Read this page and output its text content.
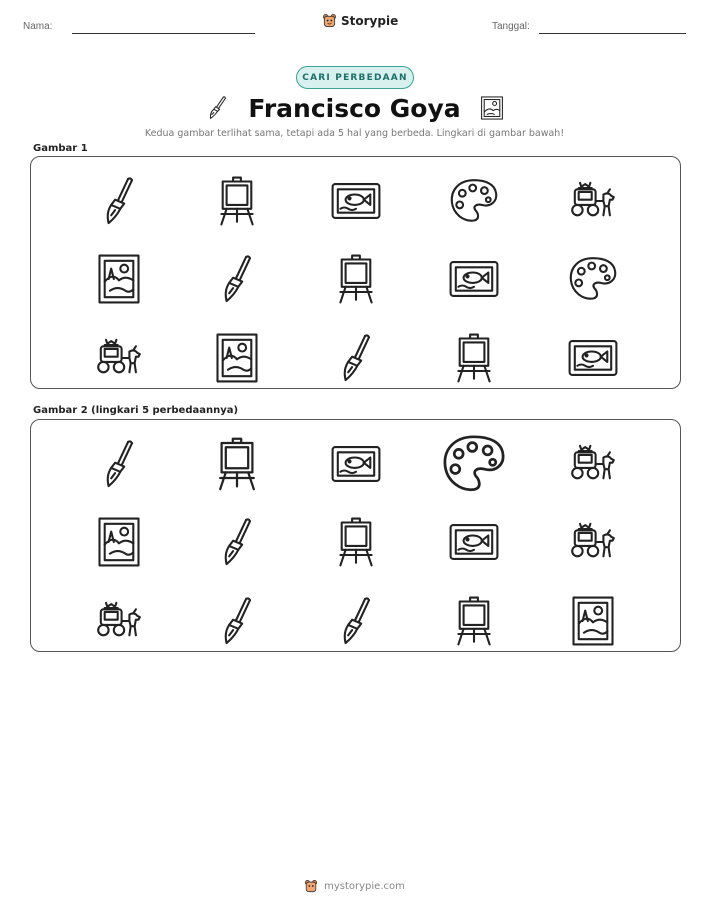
Nama:	Storypie	Tanggal:
CARI PERBEDAAN
Francisco Goya
Kedua gambar terlihat sama, tetapi ada 5 hal yang berbeda. Lingkari di gambar bawah!
Gambar 1
Gambar 2 (lingkari 5 perbedaannya)
mystorypie.com
